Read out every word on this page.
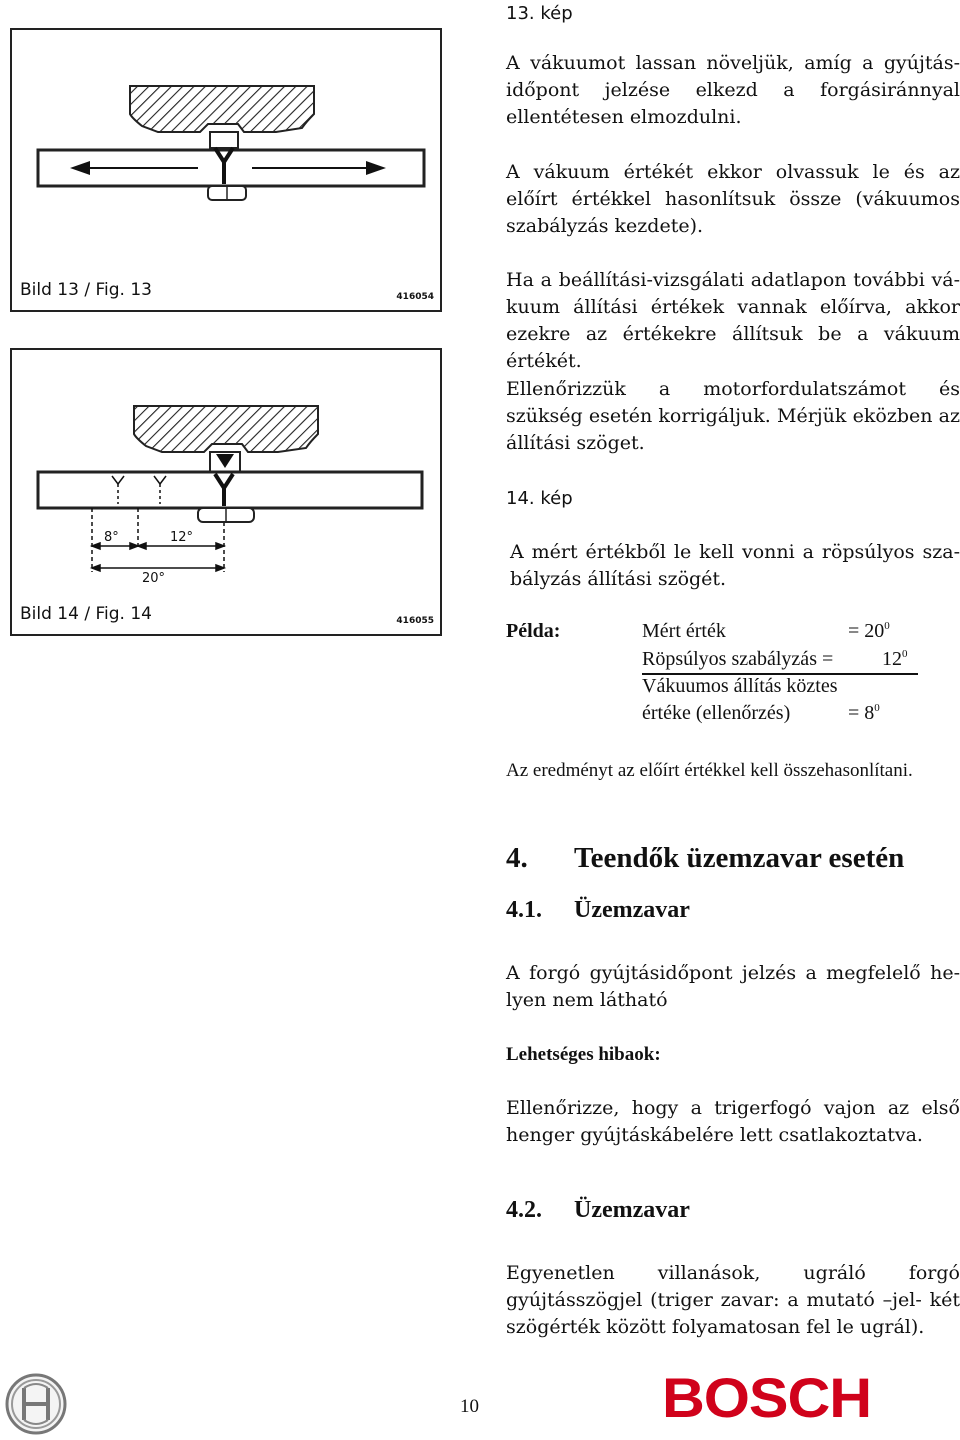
Bild 13 / Fig. 13	416054
8°	12°
20°
Bild 14 / Fig. 14	416055
13. kép
A vákuumot lassan növeljük, amíg a gyújtásidőpont jelzése elkezd a forgásiránnyal ellentétesen elmozdulni.
A vákuum értékét ekkor olvassuk le és az előírt értékkel hasonlítsuk össze (vákuumos szabályzás kezdete).
Ha a beállítási-vizsgálati adatlapon további vákuum állítási értékek vannak előírva, akkor ezekre az értékekre állítsuk be a vákuum értékét.
Ellenőrizzük a motorfordulatszámot és szükség esetén korrigáljuk. Mérjük eközben az állítási szöget.
14. kép
A mért értékből le kell vonni a röpsúlyos szabályzás állítási szögét.
Példa:	Mért érték	= $20^0$
Röpsúlyos szabályzás = $12^0$
Vákuumos állítás köztes
értéke (ellenőrzés)	= $8^0$
Az eredményt az előírt értékkel kell összehasonlítani.
4. Teendők üzemzavar esetén
4.1. Üzemzavar
A forgó gyújtásidőpont jelzés a megfelelő helyen nem látható
Lehetséges hibaok:
Ellenőrizze, hogy a trigerfogó vajon az első henger gyújtáskábelére lett csatlakoztatva.
4.2. Üzemzavar
Egyenetlen villanások, ugráló forgó gyújtásszögjel (triger zavar: a mutató –jel- két szögérték között folyamatosan fel le ugrál).
10	BOSCH
